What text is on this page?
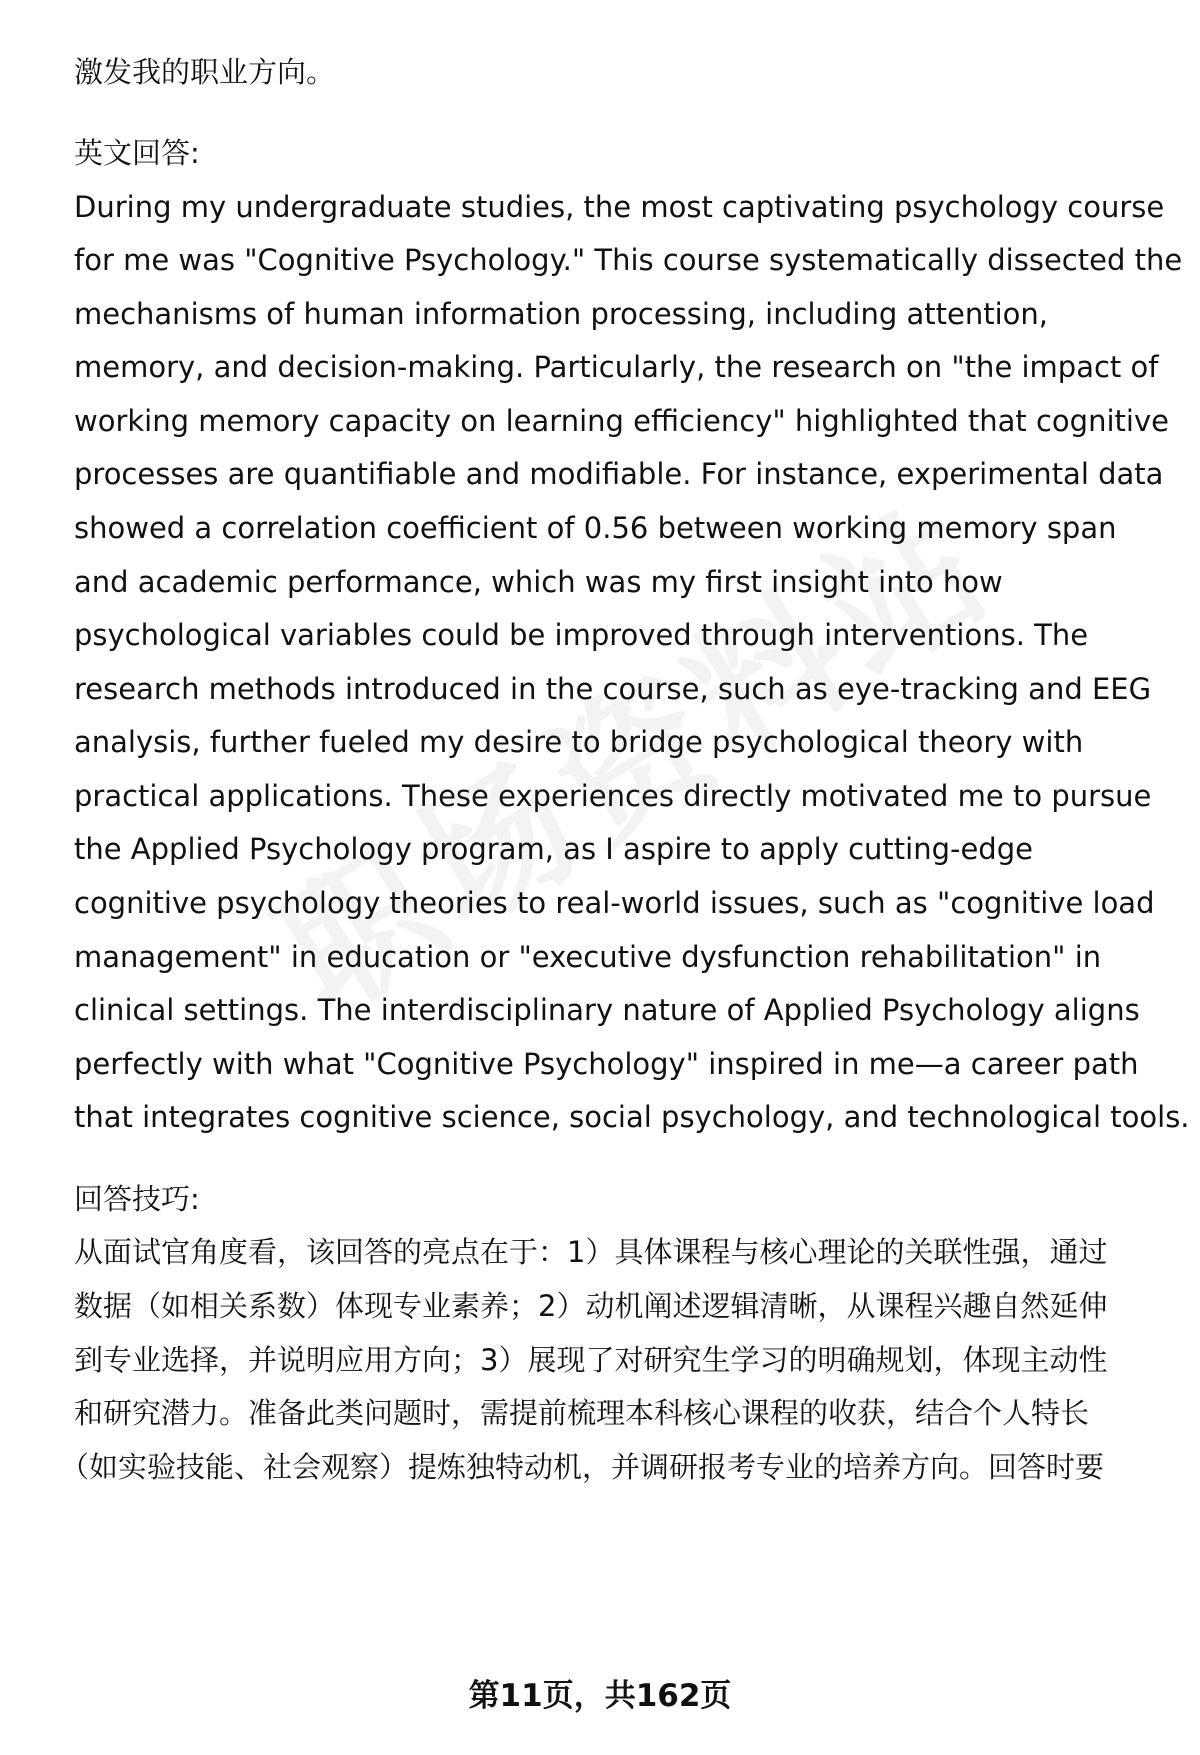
激发我的职业方向。
英文回答:
During my undergraduate studies, the most captivating psychology course
for me was "Cognitive Psychology." This course systematically dissected the
mechanisms of human information processing, including attention,
memory, and decision-making. Particularly, the research on "the impact of
working memory capacity on learning efficiency" highlighted that cognitive
processes are quantifiable and modifiable. For instance, experimental data
showed a correlation coefficient of 0.56 between working memory span
and academic performance, which was my first insight into how
psychological variables could be improved through interventions. The
research methods introduced in the course, such as eye-tracking and EEG
analysis, further fueled my desire to bridge psychological theory with
practical applications. These experiences directly motivated me to pursue
the Applied Psychology program, as I aspire to apply cutting-edge
cognitive psychology theories to real-world issues, such as "cognitive load
management" in education or "executive dysfunction rehabilitation" in
clinical settings. The interdisciplinary nature of Applied Psychology aligns
perfectly with what "Cognitive Psychology" inspired in me—a career path
that integrates cognitive science, social psychology, and technological tools.
回答技巧:
从面试官角度看，该回答的亮点在于：1）具体课程与核心理论的关联性强，通过
数据（如相关系数）体现专业素养；2）动机阐述逻辑清晰，从课程兴趣自然延伸
到专业选择，并说明应用方向；3）展现了对研究生学习的明确规划，体现主动性
和研究潜力。准备此类问题时，需提前梳理本科核心课程的收获，结合个人特长
（如实验技能、社会观察）提炼独特动机，并调研报考专业的培养方向。回答时要
第11页，共162页
